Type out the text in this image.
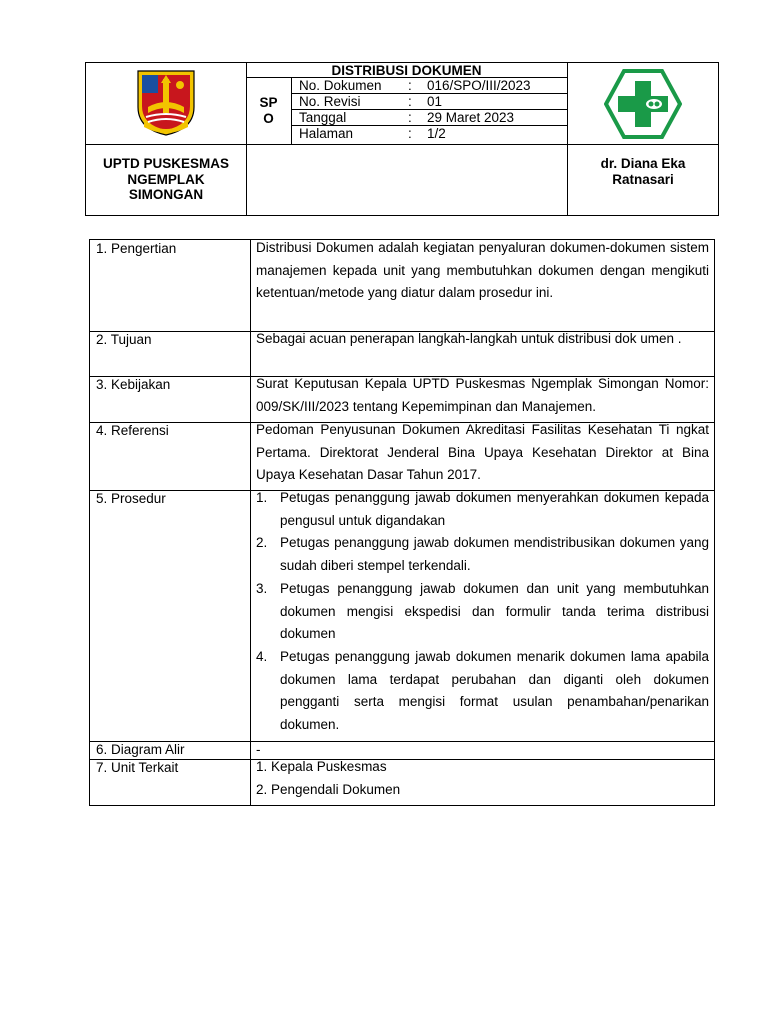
DISTRIBUSI DOKUMEN
SP
O
No. Dokumen : 016/SPO/III/2023
No. Revisi	: 01
Tanggal	: 29 Maret 2023
Halaman	: 1/2
UPTD PUSKESMAS
NGEMPLAK
SIMONGAN
dr. Diana Eka
Ratnasari
1. Pengertian	Distribusi Dokumen adalah kegiatan penyaluran dokumen-dokumen sistem manajemen kepada unit yang membutuhkan dokumen dengan mengikuti ketentuan/metode yang diatur dalam prosedur ini.

2. Tujuan	Sebagai acuan penerapan langkah-langkah untuk distribusi dok umen .

3. Kebijakan	Surat Keputusan Kepala UPTD Puskesmas Ngemplak Simongan Nomor: 009/SK/III/2023 tentang Kepemimpinan dan Manajemen.

4. Referensi	Pedoman Penyusunan Dokumen Akreditasi Fasilitas Kesehatan Ti ngkat Pertama. Direktorat Jenderal Bina Upaya Kesehatan Direktor at Bina Upaya Kesehatan Dasar Tahun 2017.

5. Prosedur	1. Petugas penanggung jawab dokumen menyerahkan dokumen kepada pengusul untuk digandakan
2. Petugas penanggung jawab dokumen mendistribusikan dokumen yang sudah diberi stempel terkendali.
3. Petugas penanggung jawab dokumen dan unit yang membutuhkan dokumen mengisi ekspedisi dan formulir tanda terima distribusi dokumen
4. Petugas penanggung jawab dokumen menarik dokumen lama apabila dokumen lama terdapat perubahan dan diganti oleh dokumen pengganti serta mengisi format usulan penambahan/penarikan dokumen.
6. Diagram Alir	-
7. Unit Terkait	1. Kepala Puskesmas
2. Pengendali Dokumen
